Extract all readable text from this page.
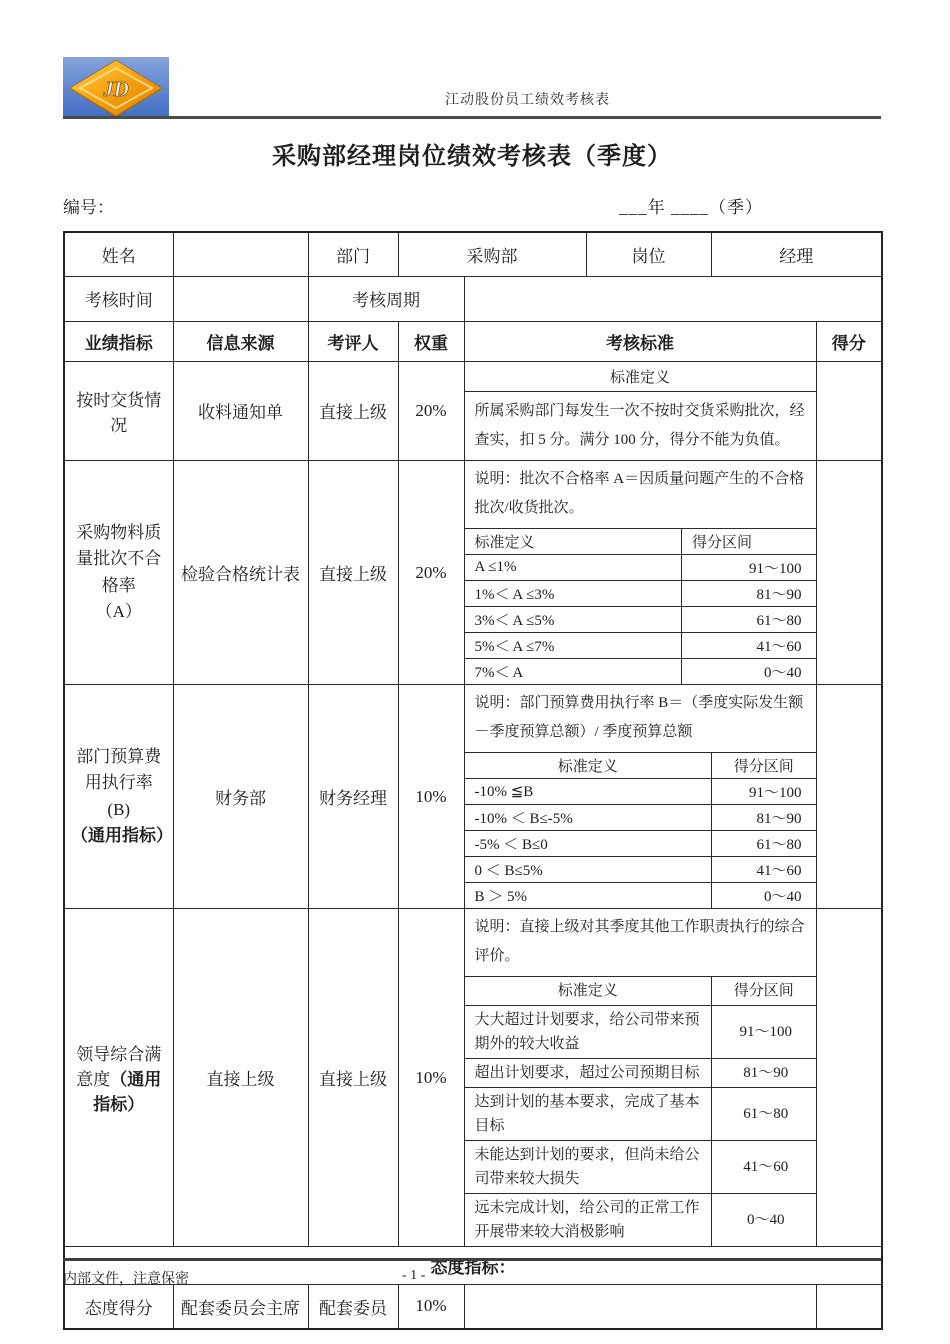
JD	江动股份员工绩效考核表
采购部经理岗位绩效考核表（季度）
编号：	___年 ____（季）
姓名		部门	采购部	岗位	经理
考核时间		考核周期	
业绩指标	信息来源	考评人	权重	考核标准	得分
按时交货情况	收料通知单	直接上级	20%	
标准定义
所属采购部门每发生一次不按时交货采购批次，经查实，扣 5 分。满分 100 分，得分不能为负值。

采购物料质量批次不合格率
（A）
	检验合格统计表	直接上级	20%	
说明：批次不合格率 A＝因质量问题产生的不合格批次/收货批次。
标准定义	得分区间
A ≤1%	91～100
1%＜ A ≤3%	81～90
3%＜ A ≤5%	61～80
5%＜ A ≤7%	41～60
7%＜ A	0～40

部门预算费用执行率
(B)
（通用指标）
	财务部	财务经理	10%	
说明：部门预算费用执行率 B＝（季度实际发生额－季度预算总额）/ 季度预算总额
标准定义	得分区间
-10% ≦B	91～100
-10% ＜ B≤-5%	81～90
-5% ＜ B≤0	61～80
0 ＜ B≤5%	41～60
B ＞ 5%	0～40

领导综合满意度（通用指标）	直接上级	直接上级	10%	
说明：直接上级对其季度其他工作职责执行的综合评价。
标准定义	得分区间
大大超过计划要求，给公司带来预期外的较大收益	91～100
超出计划要求，超过公司预期目标	81～90
达到计划的基本要求，完成了基本目标	61～80
未能达到计划的要求，但尚未给公司带来较大损失	41～60
远未完成计划，给公司的正常工作开展带来较大消极影响	0～40

态度指标：
态度得分	配套委员会主席	配套委员	10%		
内部文件，注意保密	- 1 -
